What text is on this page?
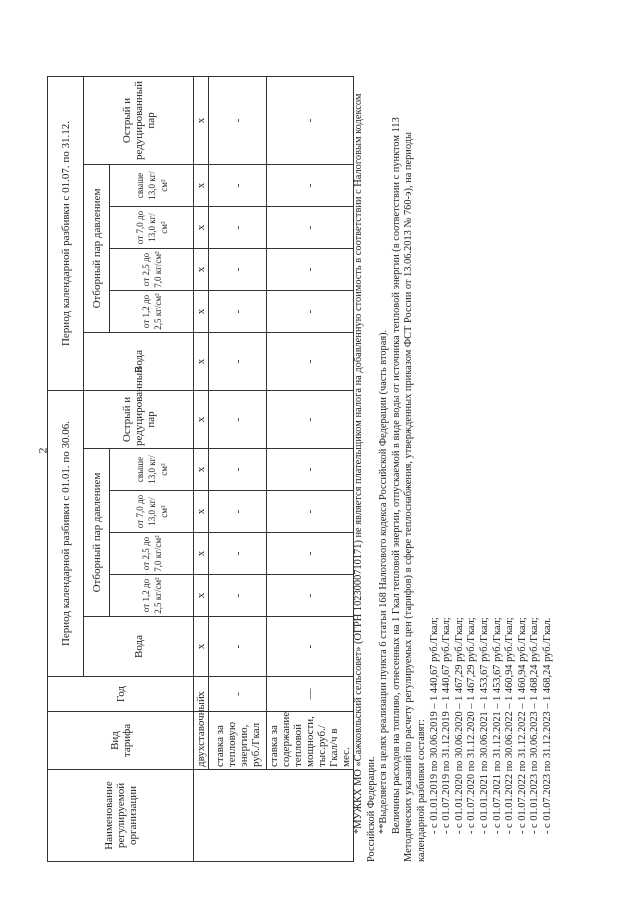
2
Наименование регулируемой организации	Вид тарифа	Год	Период календарной разбивки с 01.01. по 30.06.						Период календарной разбивки с 01.07. по 31.12.					
			Вода	Отборный пар давлением				Острый и редуцированный пар	Вода	Отборный пар давлением				Острый и редуцированный пар
				от 1,2 до 2,5 кг/см²	от 2,5 до 7,0 кг/см²	от 7,0 до 13,0 кг/см²	свыше 13,0 кг/см²			от 1,2 до 2,5 кг/см²	от 2,5 до 7,0 кг/см²	от 7,0 до 13,0 кг/см²	свыше 13,0 кг/см²	
	двухставочный	x	x	x	x	x	x	x	x	x	x	x	x	x
	ставка за тепловую энергию, руб./Гкал	-	-	-	-	-	-	-	-	-	-	-	-	-
	ставка за содержание тепловой мощности, тыс.руб./Гкал/ч в мес.	—	-	-	-	-	-	-	-	-	-	-	-	-	*МУЖКХ МО «Сажковльский сельсовет» (ОГРН 1023000710171) не является плательщиком налога на добавленную стоимость в соответствии с Налоговым кодексом Российской Федерации. **Выделяется в целях реализации пункта 6 статьи 168 Налогового кодекса Российской Федерации (часть вторая). Величины расходов на топливо, отнесенных на 1 Гкал тепловой энергии, отпускаемой в виде воды от источника тепловой энергии (в соответствии с пунктом 113 Методических указаний по расчету регулируемых цен (тарифов) в сфере теплоснабжения, утвержденных приказом ФСТ России от 13.06.2013 № 760-э), на периоды календарной разбивки составят: - с 01.01.2019 по 30.06.2019 – 1 440,67 руб./Гкал; - с 01.07.2019 по 31.12.2019 – 1 440,67 руб./Гкал; - с 01.01.2020 по 30.06.2020 – 1 467,29 руб./Гкал; - с 01.07.2020 по 31.12.2020 – 1 467,29 руб./Гкал; - с 01.01.2021 по 30.06.2021 – 1 453,67 руб./Гкал; - с 01.07.2021 по 31.12.2021 – 1 453,67 руб./Гкал; - с 01.01.2022 по 30.06.2022 – 1 460,94 руб./Гкал; - с 01.07.2022 по 31.12.2022 – 1 460,94 руб./Гкал; - с 01.01.2023 по 30.06.2023 – 1 468,24 руб./Гкал; - с 01.07.2023 по 31.12.2023 – 1 468,24 руб./Гкал.
